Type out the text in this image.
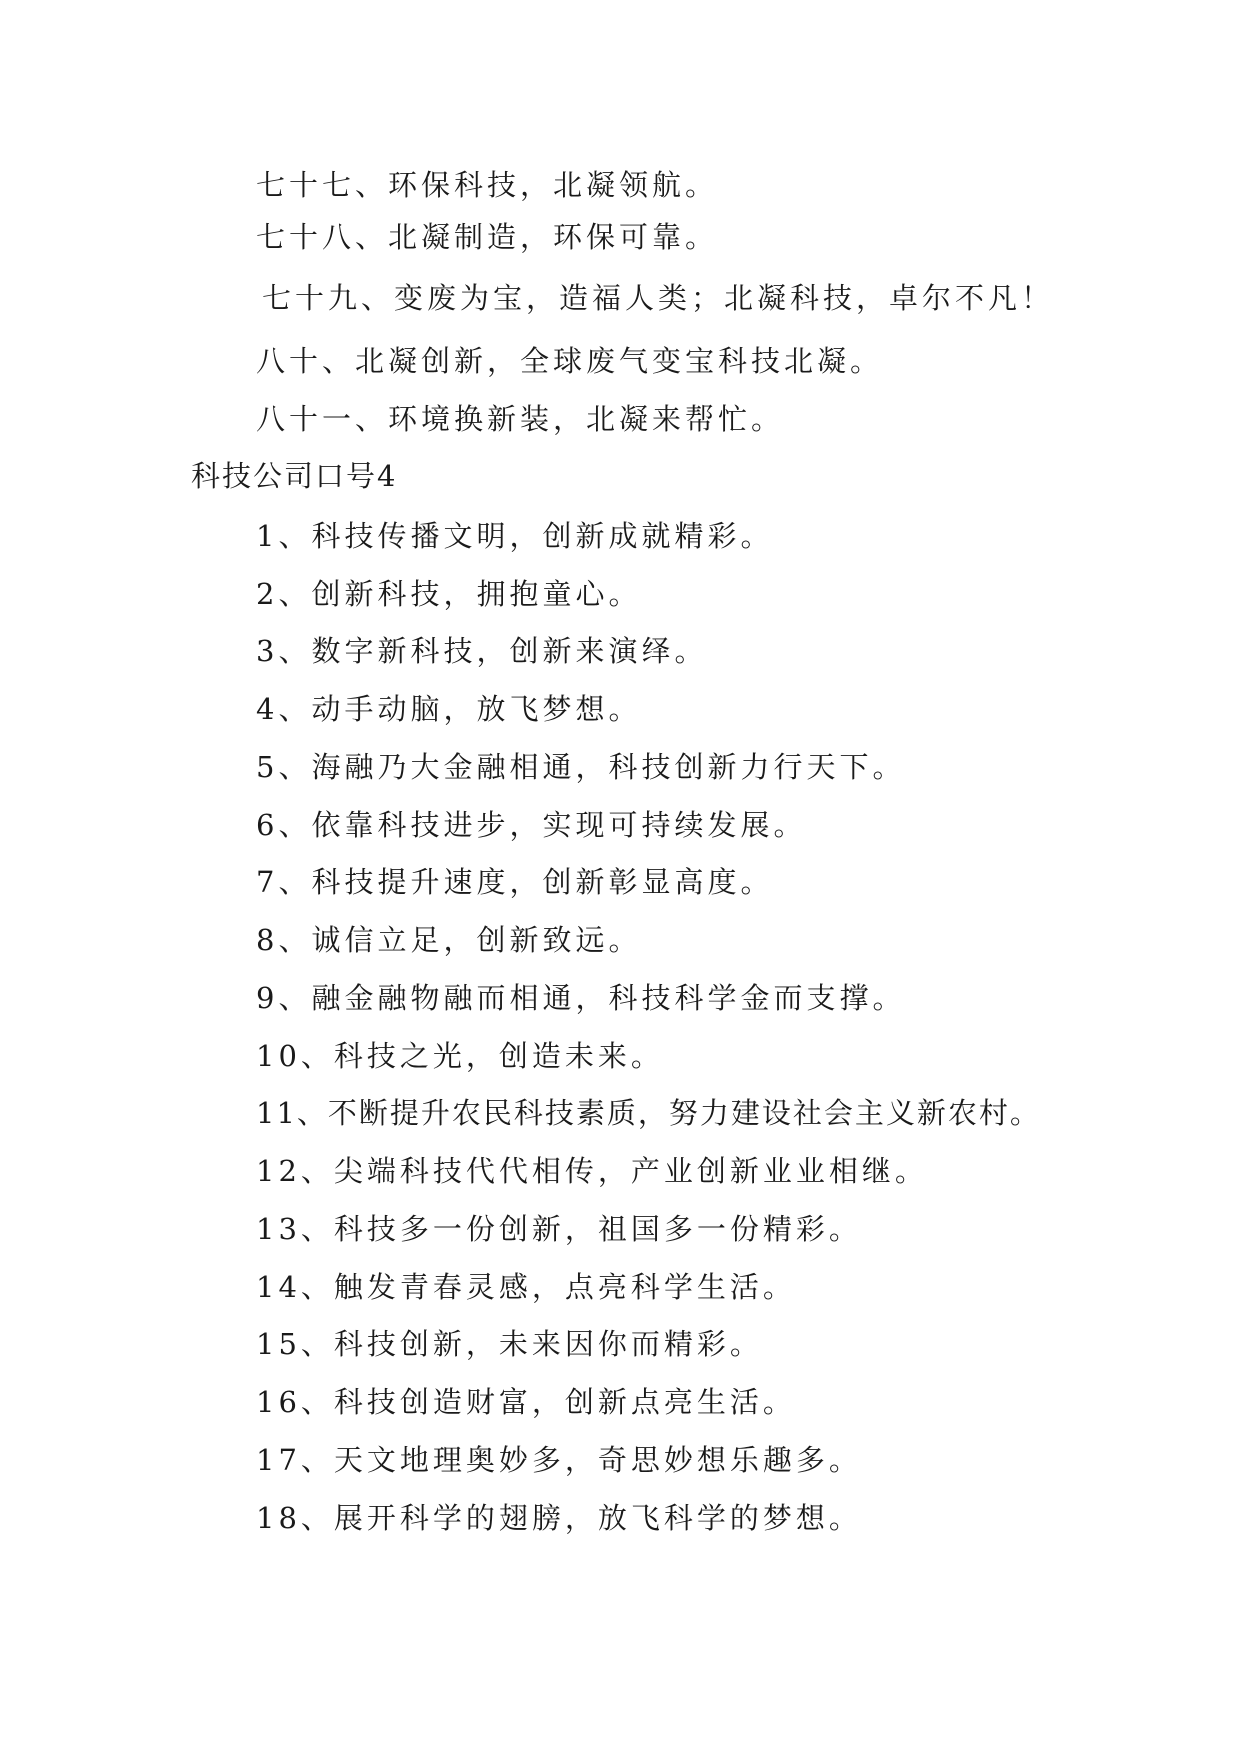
七十七、环保科技，北凝领航。

七十八、北凝制造，环保可靠。

七十九、变废为宝，造福人类；北凝科技，卓尔不凡！

八十、北凝创新，全球废气变宝科技北凝。

八十一、环境换新装，北凝来帮忙。

科技公司口号4

1、科技传播文明，创新成就精彩。

2、创新科技，拥抱童心。

3、数字新科技，创新来演绎。

4、动手动脑，放飞梦想。

5、海融乃大金融相通，科技创新力行天下。

6、依靠科技进步，实现可持续发展。

7、科技提升速度，创新彰显高度。

8、诚信立足，创新致远。

9、融金融物融而相通，科技科学金而支撑。

10、科技之光，创造未来。

11、不断提升农民科技素质，努力建设社会主义新农村。

12、尖端科技代代相传，产业创新业业相继。

13、科技多一份创新，祖国多一份精彩。

14、触发青春灵感，点亮科学生活。

15、科技创新，未来因你而精彩。

16、科技创造财富，创新点亮生活。

17、天文地理奥妙多，奇思妙想乐趣多。

18、展开科学的翅膀，放飞科学的梦想。
